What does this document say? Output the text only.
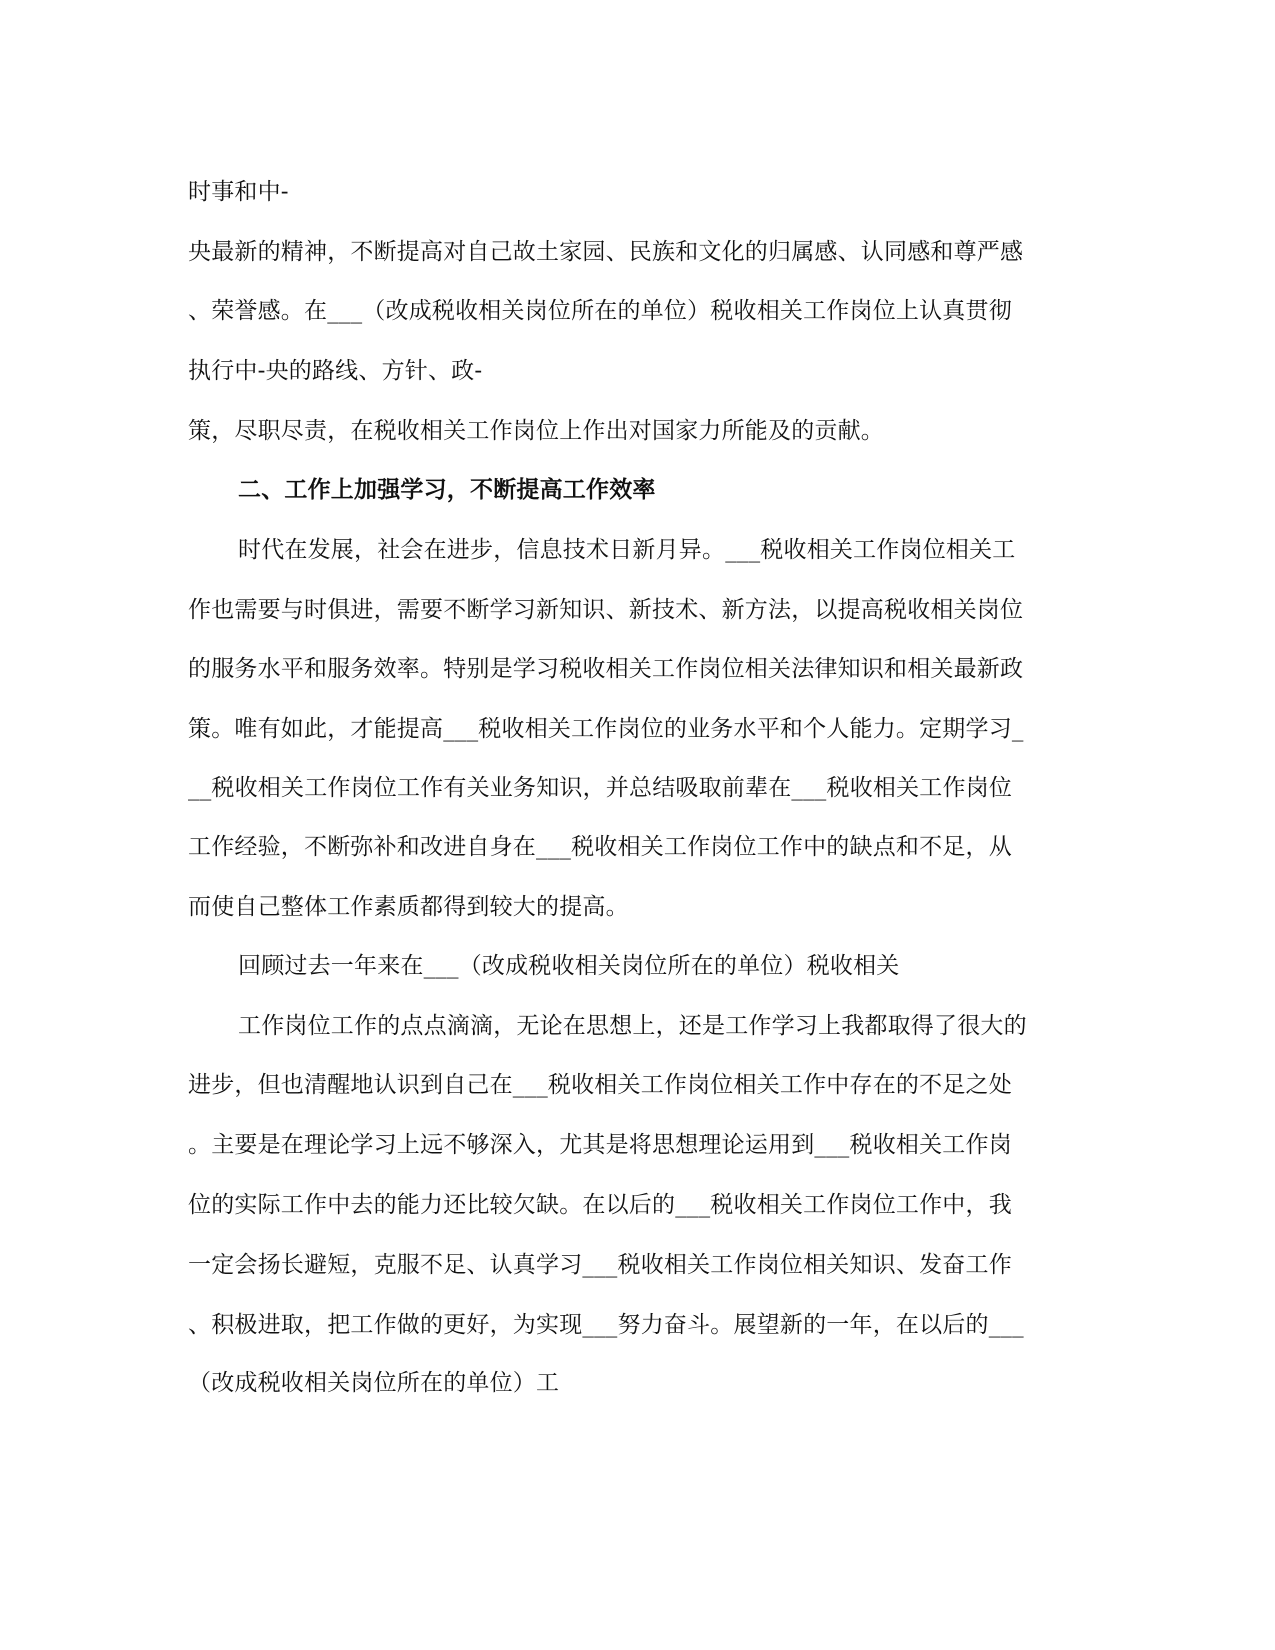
时事和中-
央最新的精神，不断提高对自己故土家园、民族和文化的归属感、认同感和尊严感
、荣誉感。在___（改成税收相关岗位所在的单位）税收相关工作岗位上认真贯彻
执行中-央的路线、方针、政-
策，尽职尽责，在税收相关工作岗位上作出对国家力所能及的贡献。
二、工作上加强学习，不断提高工作效率
时代在发展，社会在进步，信息技术日新月异。___税收相关工作岗位相关工
作也需要与时俱进，需要不断学习新知识、新技术、新方法，以提高税收相关岗位
的服务水平和服务效率。特别是学习税收相关工作岗位相关法律知识和相关最新政
策。唯有如此，才能提高___税收相关工作岗位的业务水平和个人能力。定期学习_
__税收相关工作岗位工作有关业务知识，并总结吸取前辈在___税收相关工作岗位
工作经验，不断弥补和改进自身在___税收相关工作岗位工作中的缺点和不足，从
而使自己整体工作素质都得到较大的提高。
回顾过去一年来在___（改成税收相关岗位所在的单位）税收相关
工作岗位工作的点点滴滴，无论在思想上，还是工作学习上我都取得了很大的
进步，但也清醒地认识到自己在___税收相关工作岗位相关工作中存在的不足之处
。主要是在理论学习上远不够深入，尤其是将思想理论运用到___税收相关工作岗
位的实际工作中去的能力还比较欠缺。在以后的___税收相关工作岗位工作中，我
一定会扬长避短，克服不足、认真学习___税收相关工作岗位相关知识、发奋工作
、积极进取，把工作做的更好，为实现___努力奋斗。展望新的一年，在以后的___
（改成税收相关岗位所在的单位）工
